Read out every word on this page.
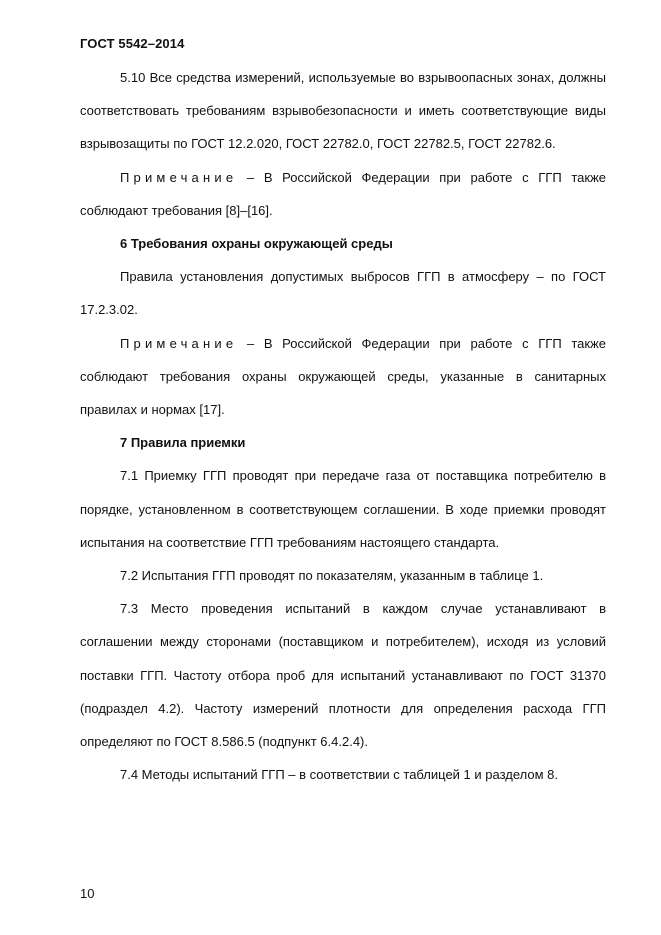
ГОСТ 5542–2014

5.10 Все средства измерений, используемые во взрывоопасных зонах, должны соответствовать требованиям взрывобезопасности и иметь соответствующие виды взрывозащиты по ГОСТ 12.2.020, ГОСТ 22782.0, ГОСТ 22782.5, ГОСТ 22782.6.

Примечание – В Российской Федерации при работе с ГГП также соблюдают требования [8]–[16].

6 Требования охраны окружающей среды

Правила установления допустимых выбросов ГГП в атмосферу – по ГОСТ 17.2.3.02.

Примечание – В Российской Федерации при работе с ГГП также соблюдают требования охраны окружающей среды, указанные в санитарных правилах и нормах [17].

7 Правила приемки

7.1 Приемку ГГП проводят при передаче газа от поставщика потребителю в порядке, установленном в соответствующем соглашении. В ходе приемки проводят испытания на соответствие ГГП требованиям настоящего стандарта.

7.2 Испытания ГГП проводят по показателям, указанным в таблице 1.

7.3 Место проведения испытаний в каждом случае устанавливают в соглашении между сторонами (поставщиком и потребителем), исходя из условий поставки ГГП. Частоту отбора проб для испытаний устанавливают по ГОСТ 31370 (подраздел 4.2). Частоту измерений плотности для определения расхода ГГП определяют по ГОСТ 8.586.5 (подпункт 6.4.2.4).

7.4 Методы испытаний ГГП – в соответствии с таблицей 1 и разделом 8.

10
